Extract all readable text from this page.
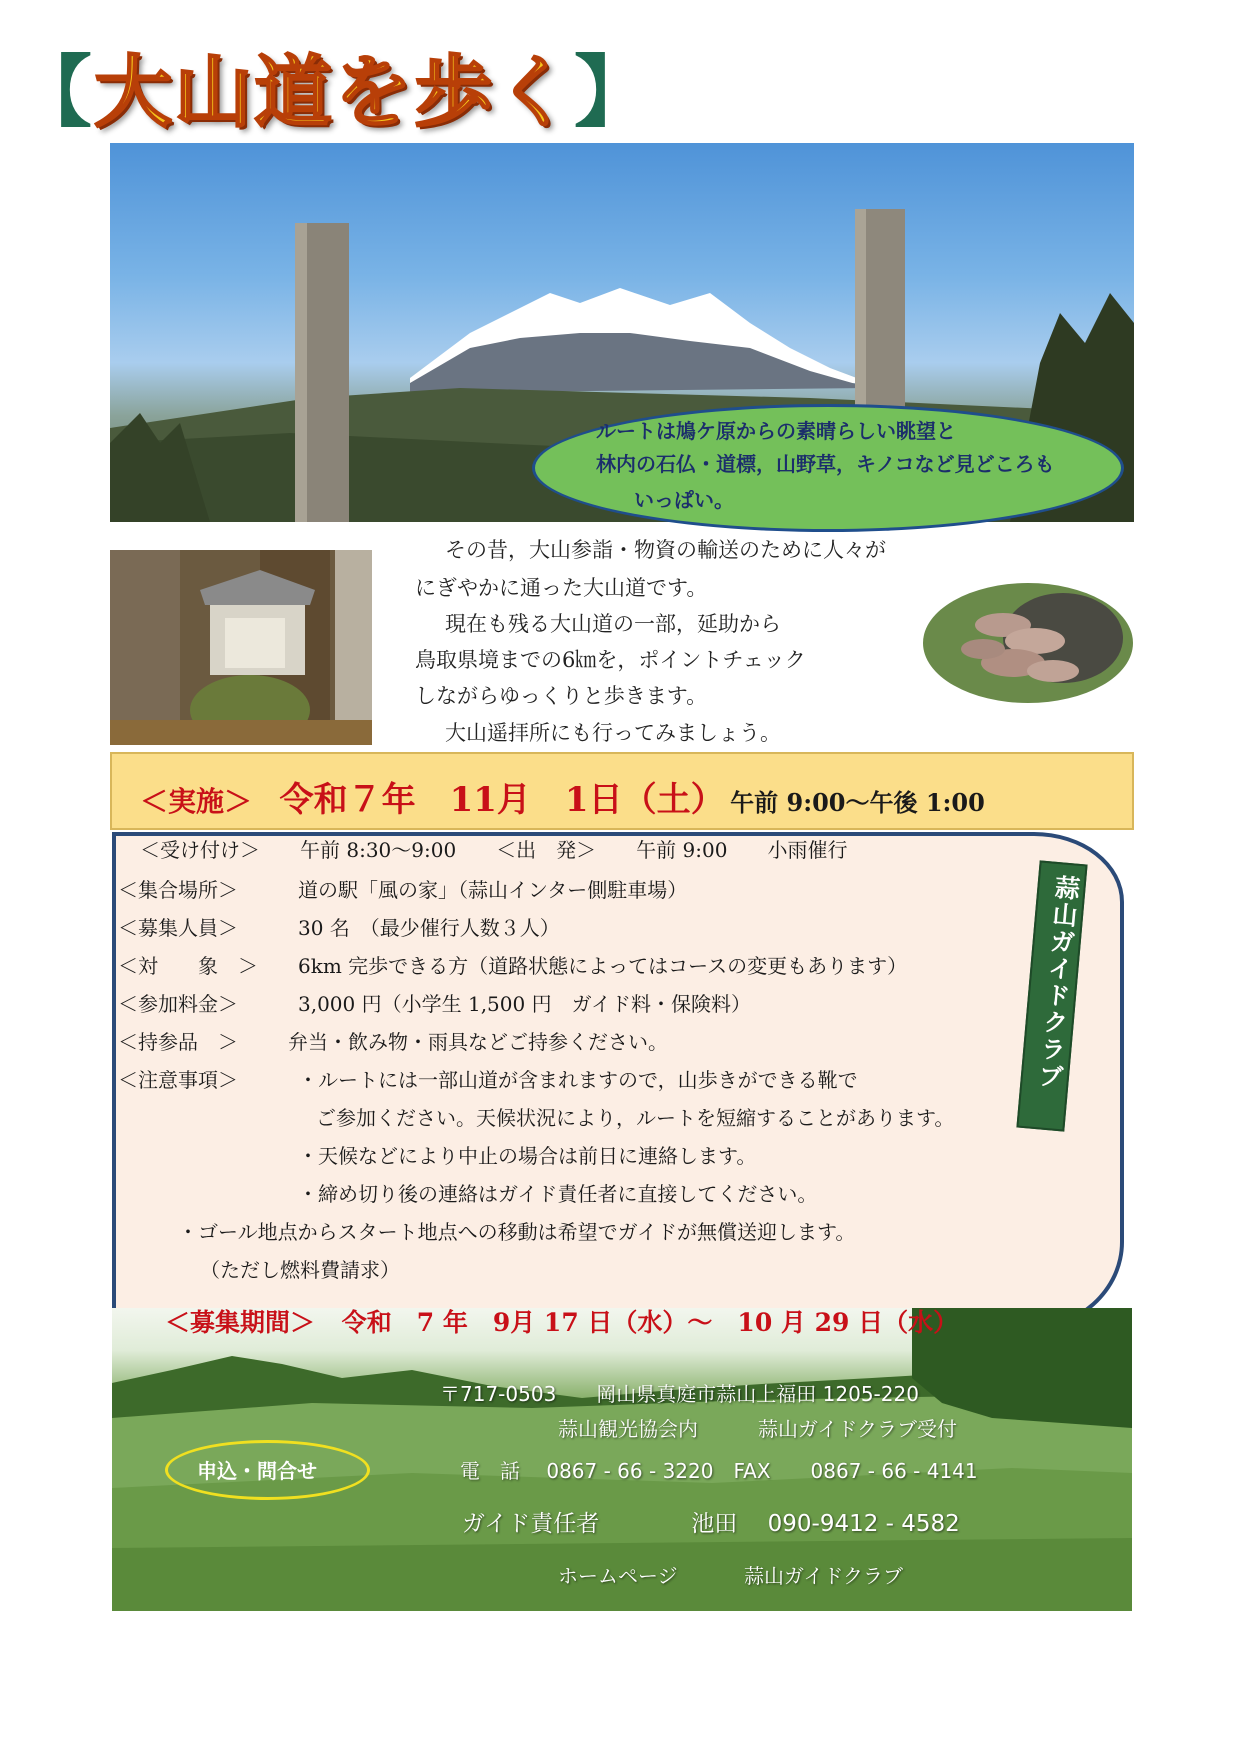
【大山道を歩く】
ルートは鳩ケ原からの素晴らしい眺望と
林内の石仏・道標，山野草，キノコなど見どころも
いっぱい。
その昔，大山参詣・物資の輸送のために人々が
にぎやかに通った大山道です。
現在も残る大山道の一部，延助から
鳥取県境までの6㎞を，ポイントチェック
しながらゆっくりと歩きます。
大山遥拝所にも行ってみましょう。
＜実施＞ 令和７年　11月　1日（土） 午前 9:00〜午後 1:00
＜受け付け＞　　午前 8:30～9:00　　＜出　発＞　　午前 9:00　　小雨催行
＜集合場所＞	道の駅「風の家」（蒜山インター側駐車場）
＜募集人員＞	30 名　（最少催行人数３人）
＜対　　象　＞ 6km 完歩できる方（道路状態によってはコースの変更もあります）
＜参加料金＞	3,000 円（小学生 1,500 円　ガイド料・保険料）
＜持参品　＞	弁当・飲み物・雨具などご持参ください。
＜注意事項＞	・ルートには一部山道が含まれますので，山歩きができる靴で
ご参加ください。天候状況により，ルートを短縮することがあります。
・天候などにより中止の場合は前日に連絡します。
・締め切り後の連絡はガイド責任者に直接してください。
・ゴール地点からスタート地点への移動は希望でガイドが無償送迎します。
（ただし燃料費請求）
蒜山ガイドクラブ
＜募集期間＞ 令和　7 年　9月 17 日（水）～　10 月 29 日（水）
申込・問合せ
〒717-0503　　岡山県真庭市蒜山上福田 1205-220
蒜山観光協会内　　　蒜山ガイドクラブ受付
電　話　 0867 - 66 - 3220　FAX　　0867 - 66 - 4141
ガイド責任者　　　　池田　 090-9412 - 4582
ホームページ　　　 蒜山ガイドクラブ
